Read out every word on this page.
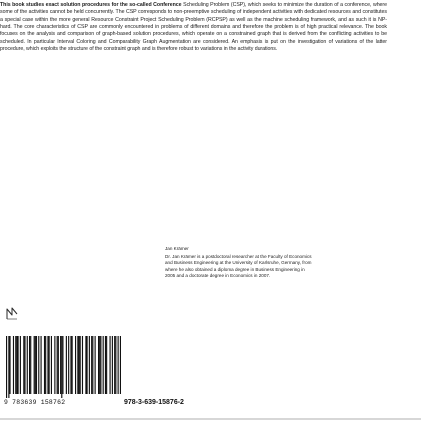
This book studies exact solution procedures for the so-called Conference Scheduling Problem (CSP), which seeks to minimize the duration of a conference, where some of the activities cannot be held concurrently. The CSP corresponds to non-preemptive scheduling of independent activities with dedicated resources and constitutes a special case within the more general Resource Constraint Project Scheduling Problem (RCPSP) as well as the machine scheduling framework, and as such it is NP-hard. The core characteristics of CSP are commonly encountered in problems of different domains and therefore the problem is of high practical relevance. The book focuses on the analysis and comparison of graph-based solution procedures, which operate on a constrained graph that is derived from the conflicting activities to be scheduled. In particular Interval Coloring and Comparability Graph Augmentation are considered. An emphasis is put on the investigation of variations of the latter procedure, which exploits the structure of the constraint graph and is therefore robust to variations in the activity durations.

Jan Krämer
Dr. Jan Krämer is a postdoctoral researcher at the Faculty of Economics and Business Engineering at the University of Karlsruhe, Germany, from where he also obtained a diploma degree in Business Engineering in 2005 and a doctorate degree in Economics in 2007.
9 783639 158762	978-3-639-15876-2
